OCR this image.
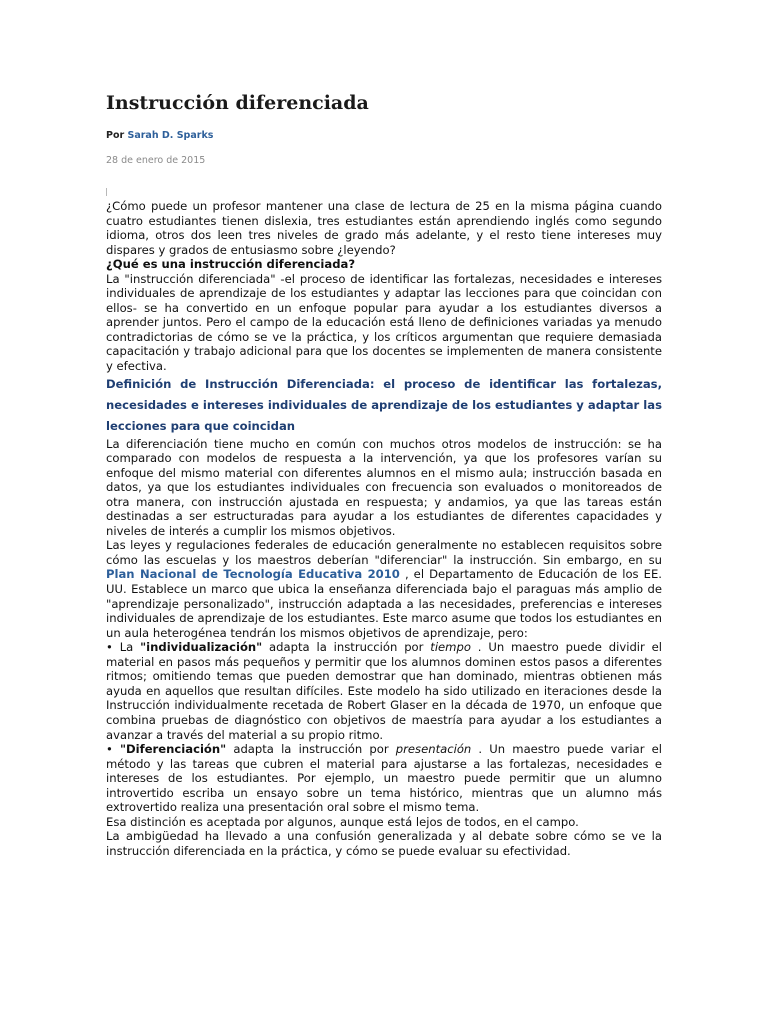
Instrucción diferenciada
Por Sarah D. Sparks
28 de enero de 2015

¿Cómo puede un profesor mantener una clase de lectura de 25 en la misma página cuando cuatro estudiantes tienen dislexia, tres estudiantes están aprendiendo inglés como segundo idioma, otros dos leen tres niveles de grado más adelante, y el resto tiene intereses muy dispares y grados de entusiasmo sobre ¿leyendo?

¿Qué es una instrucción diferenciada?

La "instrucción diferenciada" -el proceso de identificar las fortalezas, necesidades e intereses individuales de aprendizaje de los estudiantes y adaptar las lecciones para que coincidan con ellos- se ha convertido en un enfoque popular para ayudar a los estudiantes diversos a aprender juntos. Pero el campo de la educación está lleno de definiciones variadas ya menudo contradictorias de cómo se ve la práctica, y los críticos argumentan que requiere demasiada capacitación y trabajo adicional para que los docentes se implementen de manera consistente y efectiva.

Definición de Instrucción Diferenciada: el proceso de identificar las fortalezas, necesidades e intereses individuales de aprendizaje de los estudiantes y adaptar las lecciones para que coincidan

La diferenciación tiene mucho en común con muchos otros modelos de instrucción: se ha comparado con modelos de respuesta a la intervención, ya que los profesores varían su enfoque del mismo material con diferentes alumnos en el mismo aula; instrucción basada en datos, ya que los estudiantes individuales con frecuencia son evaluados o monitoreados de otra manera, con instrucción ajustada en respuesta; y andamios, ya que las tareas están destinadas a ser estructuradas para ayudar a los estudiantes de diferentes capacidades y niveles de interés a cumplir los mismos objetivos.

Las leyes y regulaciones federales de educación generalmente no establecen requisitos sobre cómo las escuelas y los maestros deberían "diferenciar" la instrucción. Sin embargo, en su Plan Nacional de Tecnología Educativa 2010 , el Departamento de Educación de los EE. UU. Establece un marco que ubica la enseñanza diferenciada bajo el paraguas más amplio de "aprendizaje personalizado", instrucción adaptada a las necesidades, preferencias e intereses individuales de aprendizaje de los estudiantes. Este marco asume que todos los estudiantes en un aula heterogénea tendrán los mismos objetivos de aprendizaje, pero:

• La "individualización" adapta la instrucción por tiempo . Un maestro puede dividir el material en pasos más pequeños y permitir que los alumnos dominen estos pasos a diferentes ritmos; omitiendo temas que pueden demostrar que han dominado, mientras obtienen más ayuda en aquellos que resultan difíciles. Este modelo ha sido utilizado en iteraciones desde la Instrucción individualmente recetada de Robert Glaser en la década de 1970, un enfoque que combina pruebas de diagnóstico con objetivos de maestría para ayudar a los estudiantes a avanzar a través del material a su propio ritmo.

• "Diferenciación" adapta la instrucción por presentación . Un maestro puede variar el método y las tareas que cubren el material para ajustarse a las fortalezas, necesidades e intereses de los estudiantes. Por ejemplo, un maestro puede permitir que un alumno introvertido escriba un ensayo sobre un tema histórico, mientras que un alumno más extrovertido realiza una presentación oral sobre el mismo tema.

Esa distinción es aceptada por algunos, aunque está lejos de todos, en el campo.

La ambigüedad ha llevado a una confusión generalizada y al debate sobre cómo se ve la instrucción diferenciada en la práctica, y cómo se puede evaluar su efectividad.
